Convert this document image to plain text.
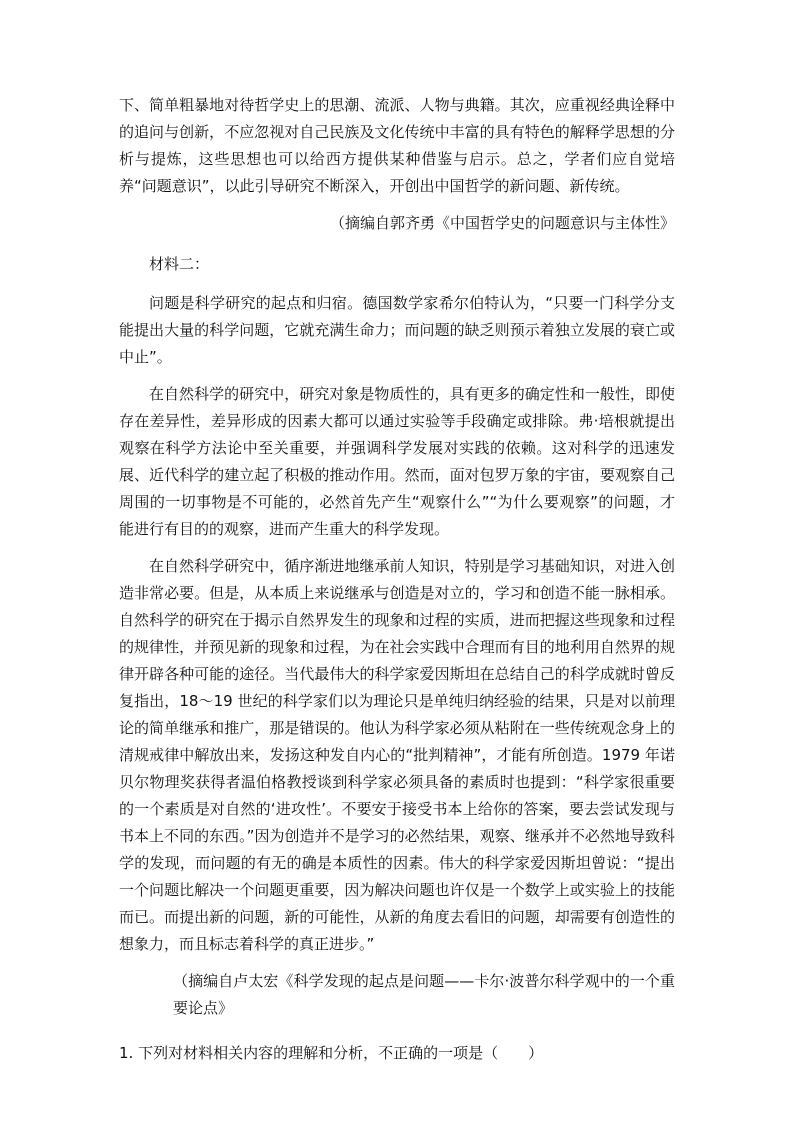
下、简单粗暴地对待哲学史上的思潮、流派、人物与典籍。其次，应重视经典诠释中的追问与创新，不应忽视对自己民族及文化传统中丰富的具有特色的解释学思想的分析与提炼，这些思想也可以给西方提供某种借鉴与启示。总之，学者们应自觉培养“问题意识”，以此引导研究不断深入，开创出中国哲学的新问题、新传统。

（摘编自郭齐勇《中国哲学史的问题意识与主体性》

材料二：

问题是科学研究的起点和归宿。德国数学家希尔伯特认为，“只要一门科学分支能提出大量的科学问题，它就充满生命力；而问题的缺乏则预示着独立发展的衰亡或中止”。

在自然科学的研究中，研究对象是物质性的，具有更多的确定性和一般性，即使存在差异性，差异形成的因素大都可以通过实验等手段确定或排除。弗·培根就提出观察在科学方法论中至关重要，并强调科学发展对实践的依赖。这对科学的迅速发展、近代科学的建立起了积极的推动作用。然而，面对包罗万象的宇宙，要观察自己周围的一切事物是不可能的，必然首先产生“观察什么”“为什么要观察”的问题，才能进行有目的的观察，进而产生重大的科学发现。

在自然科学研究中，循序渐进地继承前人知识，特别是学习基础知识，对进入创造非常必要。但是，从本质上来说继承与创造是对立的，学习和创造不能一脉相承。自然科学的研究在于揭示自然界发生的现象和过程的实质，进而把握这些现象和过程的规律性，并预见新的现象和过程，为在社会实践中合理而有目的地利用自然界的规律开辟各种可能的途径。当代最伟大的科学家爱因斯坦在总结自己的科学成就时曾反复指出，18～19 世纪的科学家们以为理论只是单纯归纳经验的结果，只是对以前理论的简单继承和推广，那是错误的。他认为科学家必须从粘附在一些传统观念身上的清规戒律中解放出来，发扬这种发自内心的“批判精神”，才能有所创造。1979 年诺贝尔物理奖获得者温伯格教授谈到科学家必须具备的素质时也提到：“科学家很重要的一个素质是对自然的‘进攻性’。不要安于接受书本上给你的答案，要去尝试发现与书本上不同的东西。”因为创造并不是学习的必然结果，观察、继承并不必然地导致科学的发现，而问题的有无的确是本质性的因素。伟大的科学家爱因斯坦曾说：“提出一个问题比解决一个问题更重要，因为解决问题也许仅是一个数学上或实验上的技能而已。而提出新的问题，新的可能性，从新的角度去看旧的问题，却需要有创造性的想象力，而且标志着科学的真正进步。”

（摘编自卢太宏《科学发现的起点是问题——卡尔·波普尔科学观中的一个重要论点》

1. 下列对材料相关内容的理解和分析，不正确的一项是（　　）
